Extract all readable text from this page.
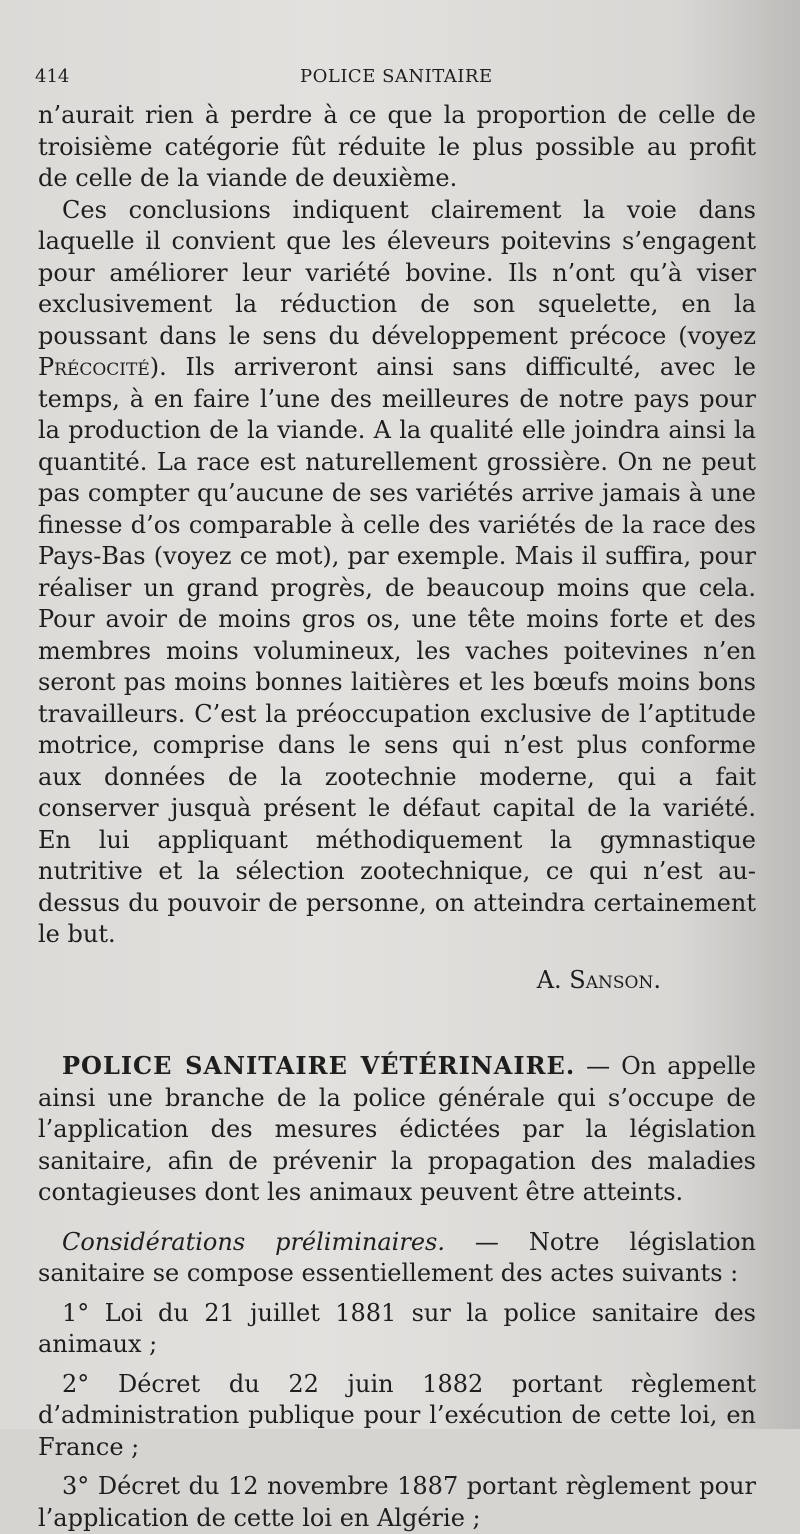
414	POLICE SANITAIRE

n’aurait rien à perdre à ce que la proportion de celle de troisième catégorie fût réduite le plus possible au profit de celle de la viande de deuxième.

Ces conclusions indiquent clairement la voie dans laquelle il convient que les éleveurs poitevins s’engagent pour améliorer leur variété bovine. Ils n’ont qu’à viser exclusivement la réduction de son squelette, en la poussant dans le sens du développement précoce (voyez Précocité). Ils arriveront ainsi sans difficulté, avec le temps, à en faire l’une des meilleures de notre pays pour la production de la viande. A la qualité elle joindra ainsi la quantité. La race est naturellement grossière. On ne peut pas compter qu’aucune de ses variétés arrive jamais à une finesse d’os comparable à celle des variétés de la race des Pays-Bas (voyez ce mot), par exemple. Mais il suffira, pour réaliser un grand progrès, de beaucoup moins que cela. Pour avoir de moins gros os, une tête moins forte et des membres moins volumineux, les vaches poitevines n’en seront pas moins bonnes laitières et les bœufs moins bons travailleurs. C’est la préoccupation exclusive de l’aptitude motrice, comprise dans le sens qui n’est plus conforme aux données de la zootechnie moderne, qui a fait conserver jusquà présent le défaut capital de la variété. En lui appliquant méthodiquement la gymnastique nutritive et la sélection zootechnique, ce qui n’est au-dessus du pouvoir de personne, on atteindra certainement le but.

A. Sanson.

POLICE SANITAIRE VÉTÉRINAIRE. — On appelle ainsi une branche de la police générale qui s’occupe de l’application des mesures édictées par la législation sanitaire, afin de prévenir la propagation des maladies contagieuses dont les animaux peuvent être atteints.

Considérations préliminaires. — Notre législation sanitaire se compose essentiellement des actes suivants :

1° Loi du 21 juillet 1881 sur la police sanitaire des animaux ;

2° Décret du 22 juin 1882 portant règlement d’administration publique pour l’exécution de cette loi, en France ;

3° Décret du 12 novembre 1887 portant règlement pour l’application de cette loi en Algérie ;
